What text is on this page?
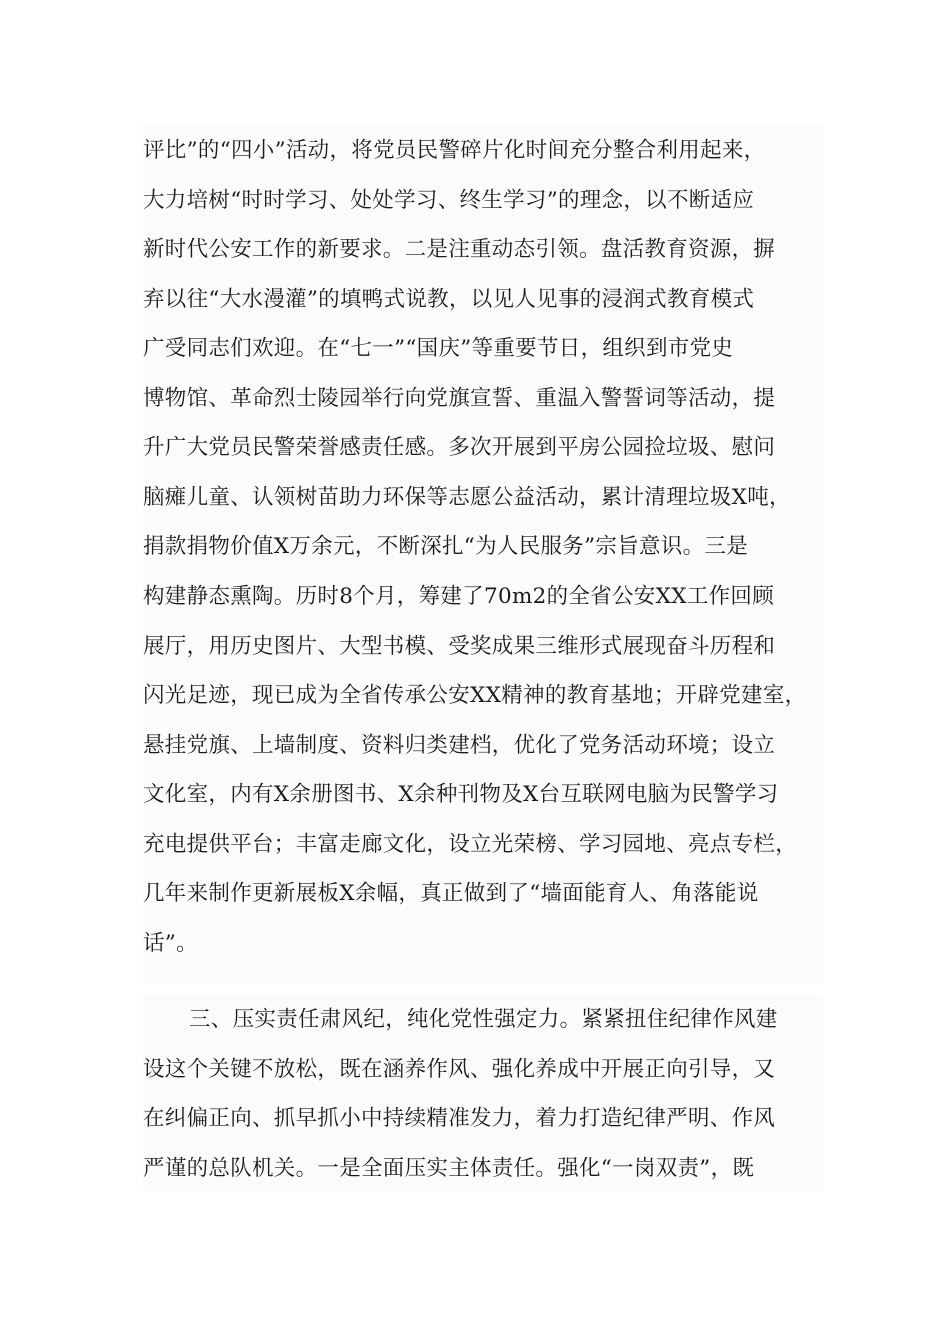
评比”的“四小”活动，将党员民警碎片化时间充分整合利用起来，
大力培树“时时学习、处处学习、终生学习”的理念，以不断适应
新时代公安工作的新要求。二是注重动态引领。盘活教育资源，摒
弃以往“大水漫灌”的填鸭式说教，以见人见事的浸润式教育模式
广受同志们欢迎。在“七一”“国庆”等重要节日，组织到市党史
博物馆、革命烈士陵园举行向党旗宣誓、重温入警誓词等活动，提
升广大党员民警荣誉感责任感。多次开展到平房公园捡垃圾、慰问
脑瘫儿童、认领树苗助力环保等志愿公益活动，累计清理垃圾X吨，
捐款捐物价值X万余元，不断深扎“为人民服务”宗旨意识。三是
构建静态熏陶。历时8个月，筹建了70m2的全省公安XX工作回顾
展厅，用历史图片、大型书模、受奖成果三维形式展现奋斗历程和
闪光足迹，现已成为全省传承公安XX精神的教育基地；开辟党建室，
悬挂党旗、上墙制度、资料归类建档，优化了党务活动环境；设立
文化室，内有X余册图书、X余种刊物及X台互联网电脑为民警学习
充电提供平台；丰富走廊文化，设立光荣榜、学习园地、亮点专栏，
几年来制作更新展板X余幅，真正做到了“墙面能育人、角落能说
话”。
三、压实责任肃风纪，纯化党性强定力。紧紧扭住纪律作风建
设这个关键不放松，既在涵养作风、强化养成中开展正向引导，又
在纠偏正向、抓早抓小中持续精准发力，着力打造纪律严明、作风
严谨的总队机关。一是全面压实主体责任。强化“一岗双责”，既
